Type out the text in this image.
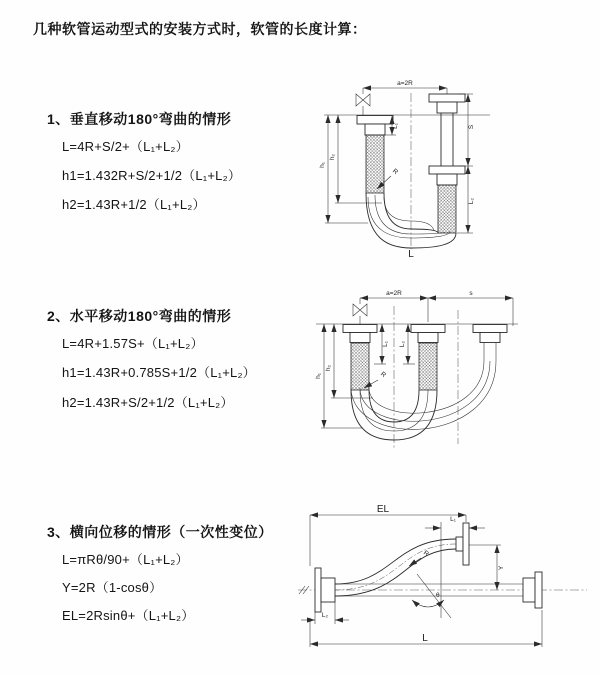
几种软管运动型式的安装方式时，软管的长度计算：
1、垂直移动180°弯曲的情形
L=4R+S/2+（L₁+L₂）
h1=1.432R+S/2+1/2（L₁+L₂）
h2=1.43R+1/2（L₁+L₂）
a=2R
L₁	S
L₂
h₁
h₂
R
L
2、水平移动180°弯曲的情形
L=4R+1.57S+（L₁+L₂）
h1=1.43R+0.785S+1/2（L₁+L₂）
h2=1.43R+S/2+1/2（L₁+L₂）
a=2R	s
L₁ L₂
h₁
h₂
R
3、横向位移的情形（一次性变位）
L=πRθ/90+（L₁+L₂）
Y=2R（1-cosθ）
EL=2Rsinθ+（L₁+L₂）
EL
L₁
Y
L
L₂
R
θ
